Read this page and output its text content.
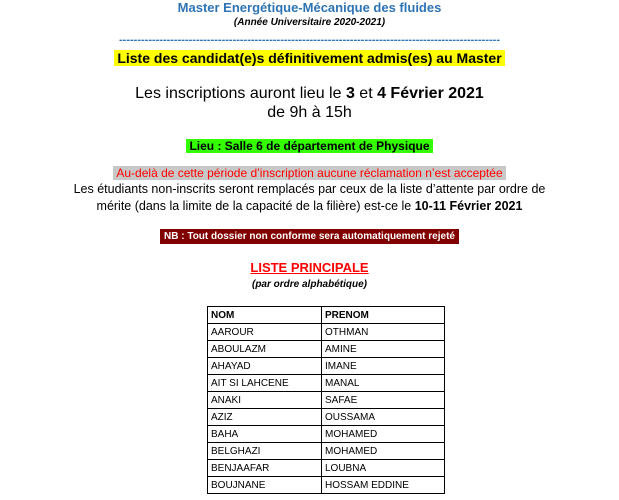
Master Energétique-Mécanique des fluides
(Année Universitaire 2020-2021)
--------------------------------------------------------------------------------------------------------
Liste des candidat(e)s définitivement admis(es) au Master
Les inscriptions auront lieu le 3 et 4 Février 2021
de 9h à 15h
Lieu : Salle 6 de département de Physique
Au-delà de cette période d’inscription aucune réclamation n’est acceptée
Les étudiants non-inscrits seront remplacés par ceux de la liste d’attente par ordre de
mérite (dans la limite de la capacité de la filière) est-ce le 10-11 Février 2021
NB : Tout dossier non conforme sera automatiquement rejeté
LISTE PRINCIPALE
(par ordre alphabétique)
NOM	PRENOM
AAROUR	OTHMAN
ABOULAZM	AMINE
AHAYAD	IMANE
AIT SI LAHCENE	MANAL
ANAKI	SAFAE
AZIZ	OUSSAMA
BAHA	MOHAMED
BELGHAZI	MOHAMED
BENJAAFAR	LOUBNA
BOUJNANE	HOSSAM EDDINE
